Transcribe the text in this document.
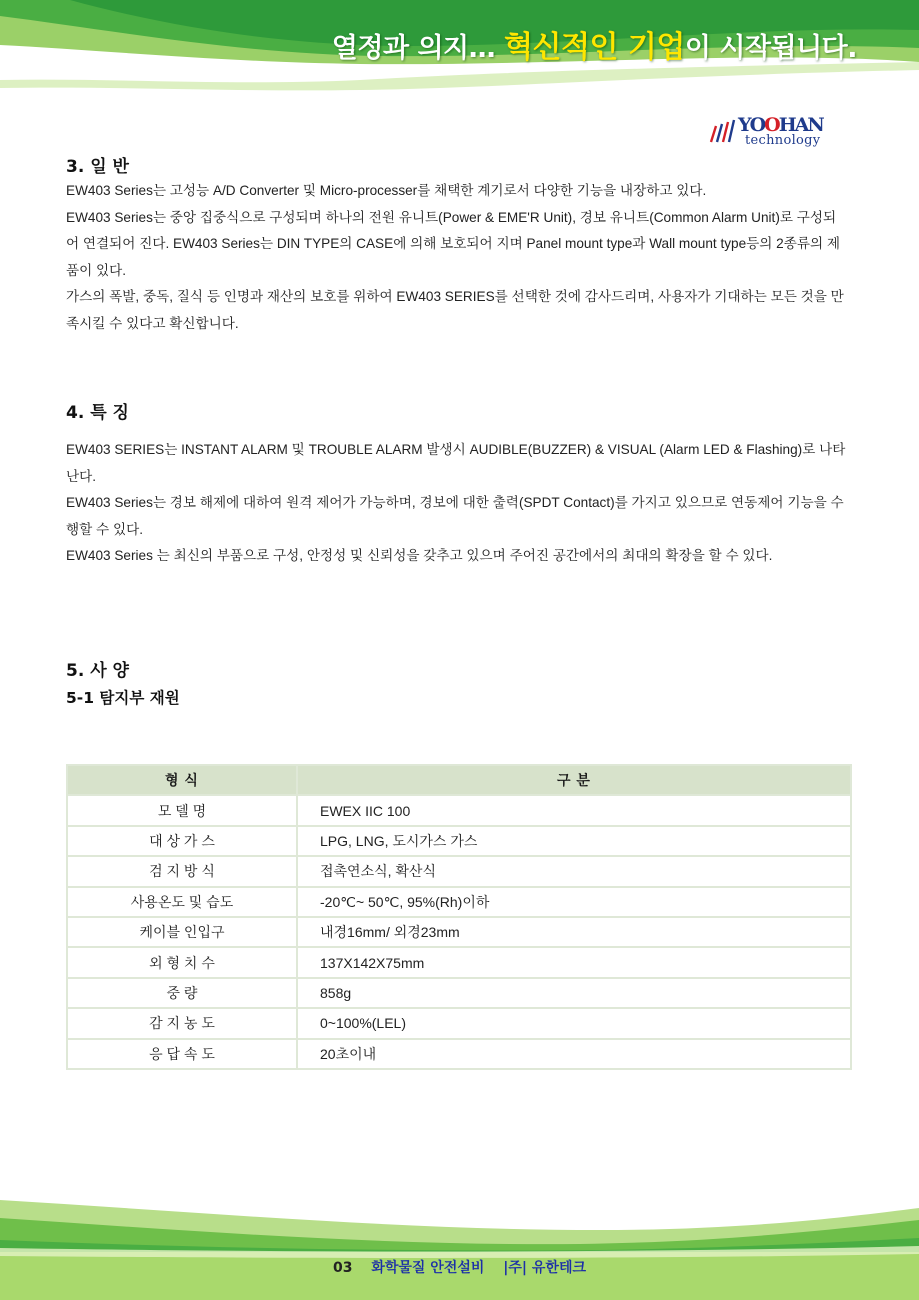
열정과 의지… 혁신적인 기업이 시작됩니다.
YOOHAN
technology
3. 일 반

EW403 Series는 고성능 A/D Converter 및 Micro-processer를 채택한 계기로서 다양한 기능을 내장하고 있다.

EW403 Series는 중앙 집중식으로 구성되며 하나의 전원 유니트(Power & EME'R Unit), 경보 유니트(Common Alarm Unit)로 구성되어 연결되어 진다. EW403 Series는 DIN TYPE의 CASE에 의해 보호되어 지며 Panel mount type과 Wall mount type등의 2종류의 제품이 있다.

가스의 폭발, 중독, 질식 등 인명과 재산의 보호를 위하여 EW403 SERIES를 선택한 것에 감사드리며, 사용자가 기대하는 모든 것을 만족시킬 수 있다고 확신합니다.

4. 특 징

EW403 SERIES는 INSTANT ALARM 및 TROUBLE ALARM 발생시 AUDIBLE(BUZZER) & VISUAL (Alarm LED & Flashing)로 나타난다.

EW403 Series는 경보 해제에 대하여 원격 제어가 가능하며, 경보에 대한 출력(SPDT Contact)를 가지고 있으므로 연동제어 기능을 수행할 수 있다.

EW403 Series 는 최신의 부품으로 구성, 안정성 및 신뢰성을 갖추고 있으며 주어진 공간에서의 최대의 확장을 할 수 있다.

5. 사 양
5-1 탐지부 재원
형 식	구 분
모 델 명	EWEX IIC 100
대 상 가 스	LPG, LNG, 도시가스 가스
검 지 방 식	접촉연소식, 확산식
사용온도 및 습도	-20℃~ 50℃, 95%(Rh)이하
케이블 인입구	내경16mm/ 외경23mm
외 형 치 수	137X142X75mm
중 량	858g
감 지 농 도	0~100%(LEL)
응 답 속 도	20초이내
03 화학물질 안전설비 |주| 유한테크
